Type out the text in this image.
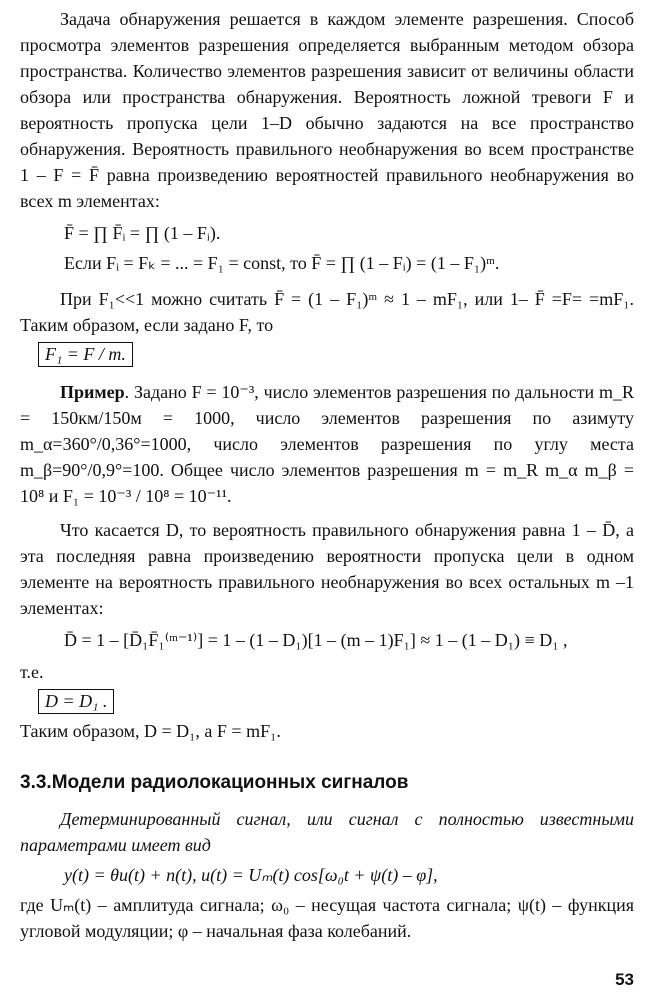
Задача обнаружения решается в каждом элементе разрешения. Способ просмотра элементов разрешения определяется выбранным методом обзора пространства. Количество элементов разрешения зависит от величины области обзора или пространства обнаружения. Вероятность ложной тревоги F и вероятность пропуска цели 1–D обычно задаются на все пространство обнаружения. Вероятность правильного необнаружения во всем пространстве 1 – F = F̄ равна произведению вероятностей правильного необнаружения во всех m элементах:

F̄ = ∏ F̄ᵢ = ∏ (1 – Fᵢ).
Если Fᵢ = Fₖ = ... = F₁ = const, то F̄ = ∏ (1 – Fᵢ) = (1 – F₁)ᵐ.

При F₁<<1 можно считать F̄ = (1 – F₁)ᵐ ≈ 1 – mF₁, или 1– F̄ =F= =mF₁. Таким образом, если задано F, то

F₁ = F / m.

Пример. Задано F = 10⁻³, число элементов разрешения по дальности m_R = 150км/150м = 1000, число элементов разрешения по азимуту m_α=360°/0,36°=1000, число элементов разрешения по углу места m_β=90°/0,9°=100. Общее число элементов разрешения m = m_R m_α m_β = 10⁸ и F₁ = 10⁻³ / 10⁸ = 10⁻¹¹.

Что касается D, то вероятность правильного обнаружения равна 1 – D̄, а эта последняя равна произведению вероятности пропуска цели в одном элементе на вероятность правильного необнаружения во всех остальных m –1 элементах:

D̄ = 1 – [D̄₁F̄₁⁽ᵐ⁻¹⁾] = 1 – (1 – D₁)[1 – (m – 1)F₁] ≈ 1 – (1 – D₁) ≡ D₁ ,

т.е.

D = D₁ .

Таким образом, D = D₁, а F = mF₁.

3.3.Модели радиолокационных сигналов

Детерминированный сигнал, или сигнал с полностью известными параметрами имеет вид

y(t) = θu(t) + n(t), u(t) = Uₘ(t) cos[ω₀t + ψ(t) – φ],

где Uₘ(t) – амплитуда сигнала; ω₀ – несущая частота сигнала; ψ(t) – функция угловой модуляции; φ – начальная фаза колебаний.

53
